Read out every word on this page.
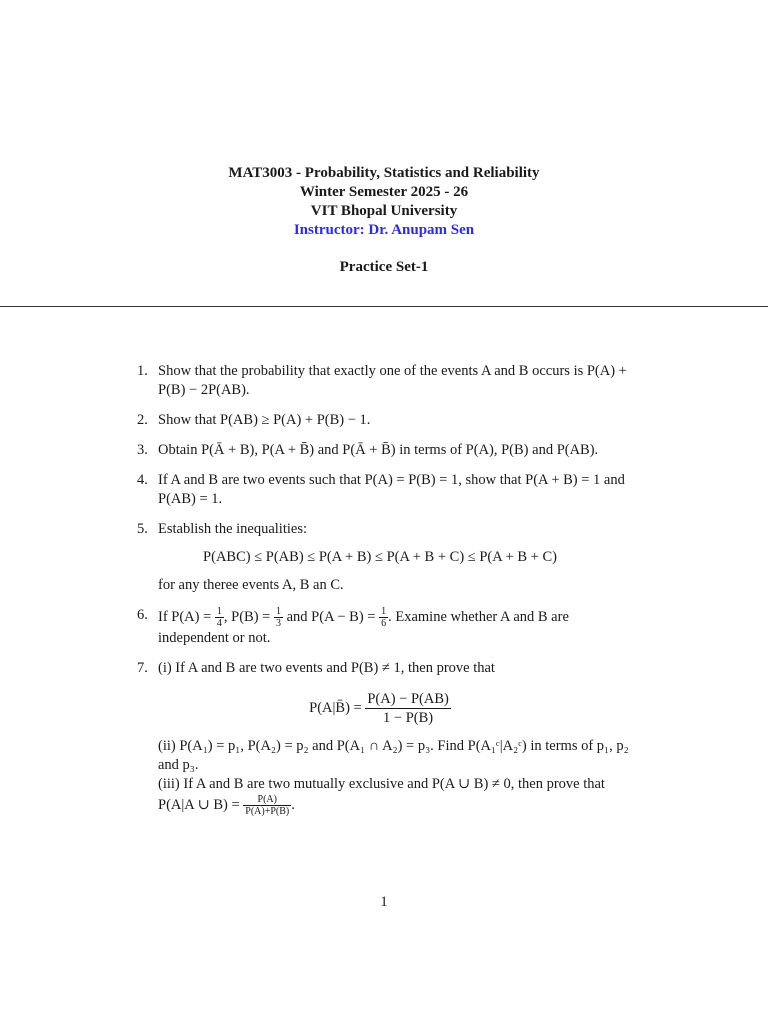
MAT3003 - Probability, Statistics and Reliability
Winter Semester 2025 - 26
VIT Bhopal University
Instructor: Dr. Anupam Sen
Practice Set-1
1. Show that the probability that exactly one of the events A and B occurs is P(A) + P(B) − 2P(AB).
2. Show that P(AB) ≥ P(A) + P(B) − 1.
3. Obtain P(Ā + B), P(A + B̄) and P(Ā + B̄) in terms of P(A), P(B) and P(AB).
4. If A and B are two events such that P(A) = P(B) = 1, show that P(A + B) = 1 and P(AB) = 1.
5. Establish the inequalities:
P(ABC) ≤ P(AB) ≤ P(A + B) ≤ P(A + B + C) ≤ P(A + B + C)
for any theree events A, B an C.
6. If $P(A) = \frac{1}{4}$ , $P(B) = \frac{1}{3}$ and $P(A - B) = \frac{1}{6}$ . Examine whether A and B are independent or not.
7. (i) If A and B are two events and P(B) ≠ 1, then prove that
P(A|B̄) = $\frac{P(A) - P(AB)}{1 - P(B)}$
(ii) P(A₁) = p₁, P(A₂) = p₂ and P(A₁ ∩ A₂) = p₃. Find P(A₁ᶜ|A₂ᶜ) in terms of p₁, p₂ and p₃.
(iii) If A and B are two mutually exclusive and P(A ∪ B) ≠ 0, then prove that P(A|A ∪ $B) = \frac{P(A)}{P(A)+P(B)}$ .
1
